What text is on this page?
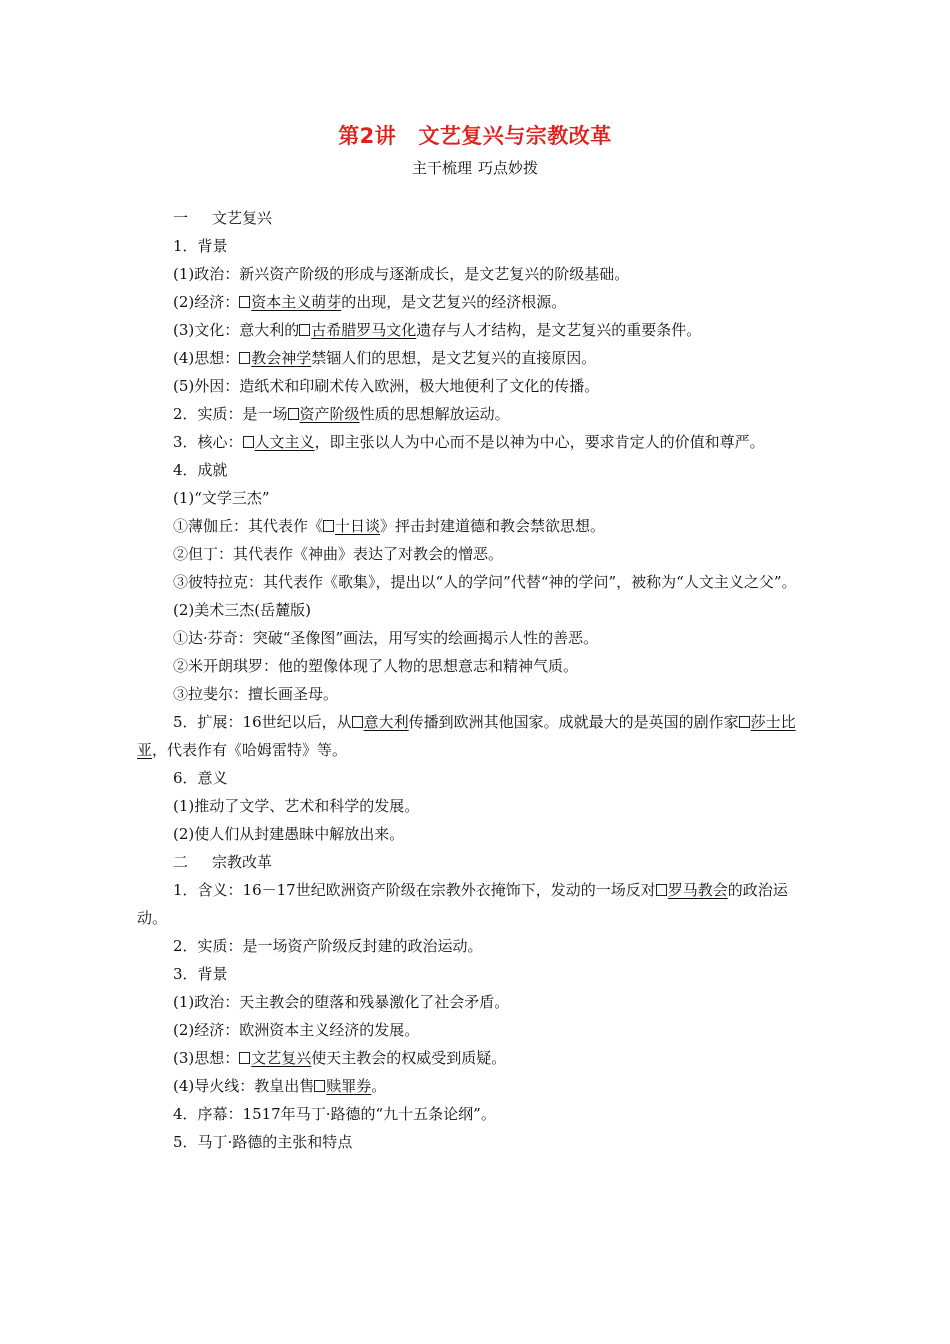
第2讲 文艺复兴与宗教改革
主干梳理 巧点妙拨

一 文艺复兴

1．背景

(1)政治：新兴资产阶级的形成与逐渐成长，是文艺复兴的阶级基础。

(2)经济： 资本主义萌芽的出现，是文艺复兴的经济根源。

(3)文化：意大利的 古希腊罗马文化遗存与人才结构，是文艺复兴的重要条件。

(4)思想： 教会神学禁锢人们的思想，是文艺复兴的直接原因。

(5)外因：造纸术和印刷术传入欧洲，极大地便利了文化的传播。

2．实质：是一场 资产阶级性质的思想解放运动。

3．核心： 人文主义，即主张以人为中心而不是以神为中心，要求肯定人的价值和尊严。

4．成就

(1)“文学三杰”

①薄伽丘：其代表作《 十日谈》抨击封建道德和教会禁欲思想。

②但丁：其代表作《神曲》表达了对教会的憎恶。

③彼特拉克：其代表作《歌集》，提出以“人的学问”代替“神的学问”，被称为“人文主义之父”。

(2)美术三杰(岳麓版)

①达·芬奇：突破“圣像图”画法，用写实的绘画揭示人性的善恶。

②米开朗琪罗：他的塑像体现了人物的思想意志和精神气质。

③拉斐尔：擅长画圣母。

5．扩展：16世纪以后，从 意大利传播到欧洲其他国家。成就最大的是英国的剧作家 莎士比亚，代表作有《哈姆雷特》等。

6．意义

(1)推动了文学、艺术和科学的发展。

(2)使人们从封建愚昧中解放出来。

二 宗教改革

1．含义：16－17世纪欧洲资产阶级在宗教外衣掩饰下，发动的一场反对 罗马教会的政治运动。

2．实质：是一场资产阶级反封建的政治运动。

3．背景

(1)政治：天主教会的堕落和残暴激化了社会矛盾。

(2)经济：欧洲资本主义经济的发展。

(3)思想： 文艺复兴使天主教会的权威受到质疑。

(4)导火线：教皇出售 赎罪券。

4．序幕：1517年马丁·路德的“九十五条论纲”。

5．马丁·路德的主张和特点
